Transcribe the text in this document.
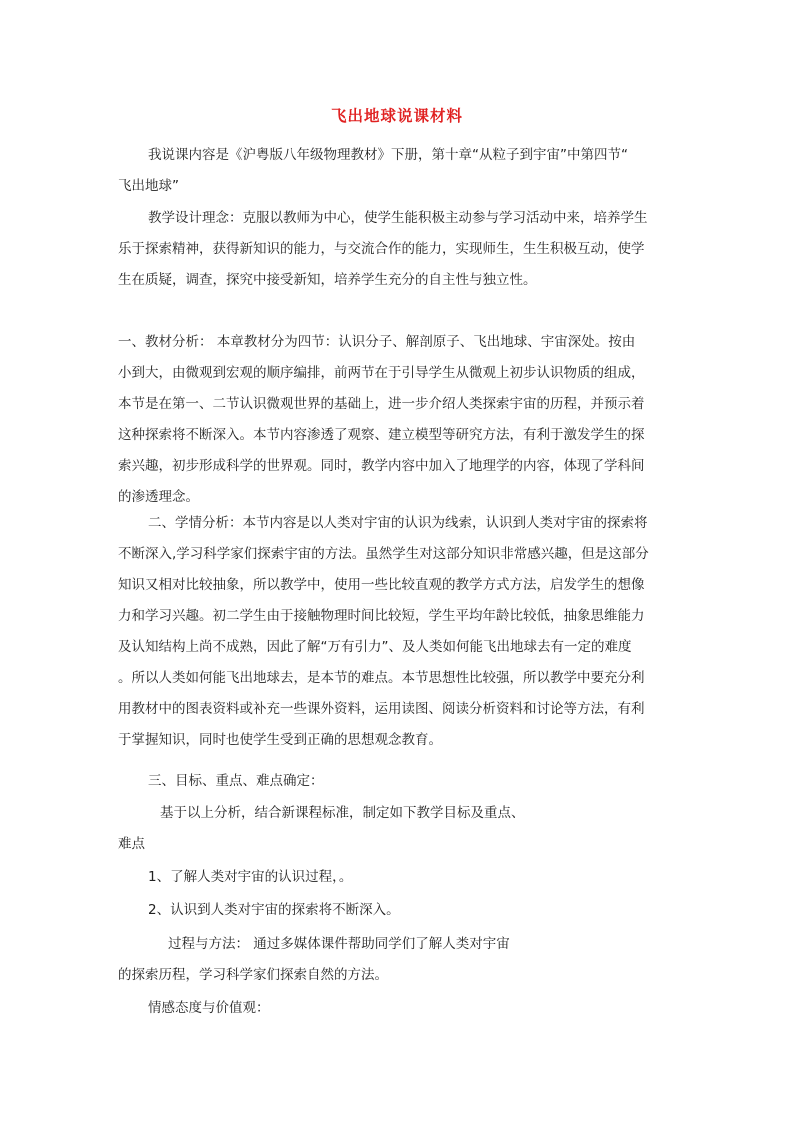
飞出地球说课材料
我说课内容是《沪粤版八年级物理教材》下册，第十章“从粒子到宇宙”中第四节“
飞出地球”
教学设计理念：克服以教师为中心，使学生能积极主动参与学习活动中来，培养学生
乐于探索精神，获得新知识的能力，与交流合作的能力，实现师生，生生积极互动，使学
生在质疑，调查，探究中接受新知，培养学生充分的自主性与独立性。
一、教材分析： 本章教材分为四节：认识分子、解剖原子、飞出地球、宇宙深处。按由
小到大，由微观到宏观的顺序编排，前两节在于引导学生从微观上初步认识物质的组成，
本节是在第一、二节认识微观世界的基础上，进一步介绍人类探索宇宙的历程，并预示着
这种探索将不断深入。本节内容渗透了观察、建立模型等研究方法，有利于激发学生的探
索兴趣，初步形成科学的世界观。同时，教学内容中加入了地理学的内容，体现了学科间
的渗透理念。
二、学情分析：本节内容是以人类对宇宙的认识为线索，认识到人类对宇宙的探索将
不断深入,学习科学家们探索宇宙的方法。虽然学生对这部分知识非常感兴趣，但是这部分
知识又相对比较抽象，所以教学中，使用一些比较直观的教学方式方法，启发学生的想像
力和学习兴趣。初二学生由于接触物理时间比较短，学生平均年龄比较低，抽象思维能力
及认知结构上尚不成熟，因此了解“万有引力”、及人类如何能飞出地球去有一定的难度
。所以人类如何能飞出地球去，是本节的难点。本节思想性比较强，所以教学中要充分利
用教材中的图表资料或补充一些课外资料，运用读图、阅读分析资料和讨论等方法，有利
于掌握知识，同时也使学生受到正确的思想观念教育。
三、目标、重点、难点确定：
基于以上分析，结合新课程标准，制定如下教学目标及重点、
难点
1、了解人类对宇宙的认识过程，。
2、认识到人类对宇宙的探索将不断深入。
过程与方法： 通过多媒体课件帮助同学们了解人类对宇宙
的探索历程，学习科学家们探索自然的方法。
情感态度与价值观：
